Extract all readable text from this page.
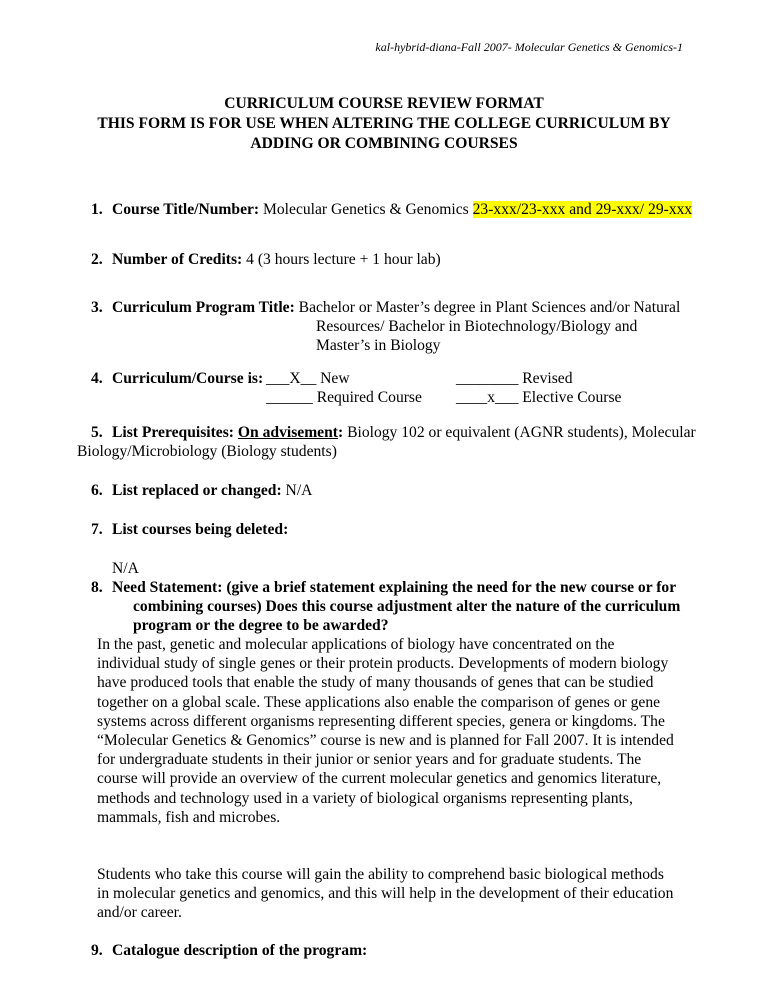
kal-hybrid-diana-Fall 2007- Molecular Genetics & Genomics-1
CURRICULUM COURSE REVIEW FORMAT
THIS FORM IS FOR USE WHEN ALTERING THE COLLEGE CURRICULUM BY
ADDING OR COMBINING COURSES
1. Course Title/Number: Molecular Genetics & Genomics 23-xxx/23-xxx and 29-xxx/ 29-xxx
2. Number of Credits: 4 (3 hours lecture + 1 hour lab)
3. Curriculum Program Title: Bachelor or Master’s degree in Plant Sciences and/or Natural
Resources/ Bachelor in Biotechnology/Biology and
Master’s in Biology
4. Curriculum/Course is: ___X__ New
______ Required Course
________ Revised
____x___ Elective Course
5. List Prerequisites: On advisement: Biology 102 or equivalent (AGNR students), Molecular
Biology/Microbiology (Biology students)
6. List replaced or changed: N/A
7. List courses being deleted:
N/A
8. Need Statement: (give a brief statement explaining the need for the new course or for
combining courses) Does this course adjustment alter the nature of the curriculum
program or the degree to be awarded?
In the past, genetic and molecular applications of biology have concentrated on the
individual study of single genes or their protein products. Developments of modern biology
have produced tools that enable the study of many thousands of genes that can be studied
together on a global scale. These applications also enable the comparison of genes or gene
systems across different organisms representing different species, genera or kingdoms. The
“Molecular Genetics & Genomics” course is new and is planned for Fall 2007. It is intended
for undergraduate students in their junior or senior years and for graduate students. The
course will provide an overview of the current molecular genetics and genomics literature,
methods and technology used in a variety of biological organisms representing plants,
mammals, fish and microbes.
Students who take this course will gain the ability to comprehend basic biological methods
in molecular genetics and genomics, and this will help in the development of their education
and/or career.
9. Catalogue description of the program:
